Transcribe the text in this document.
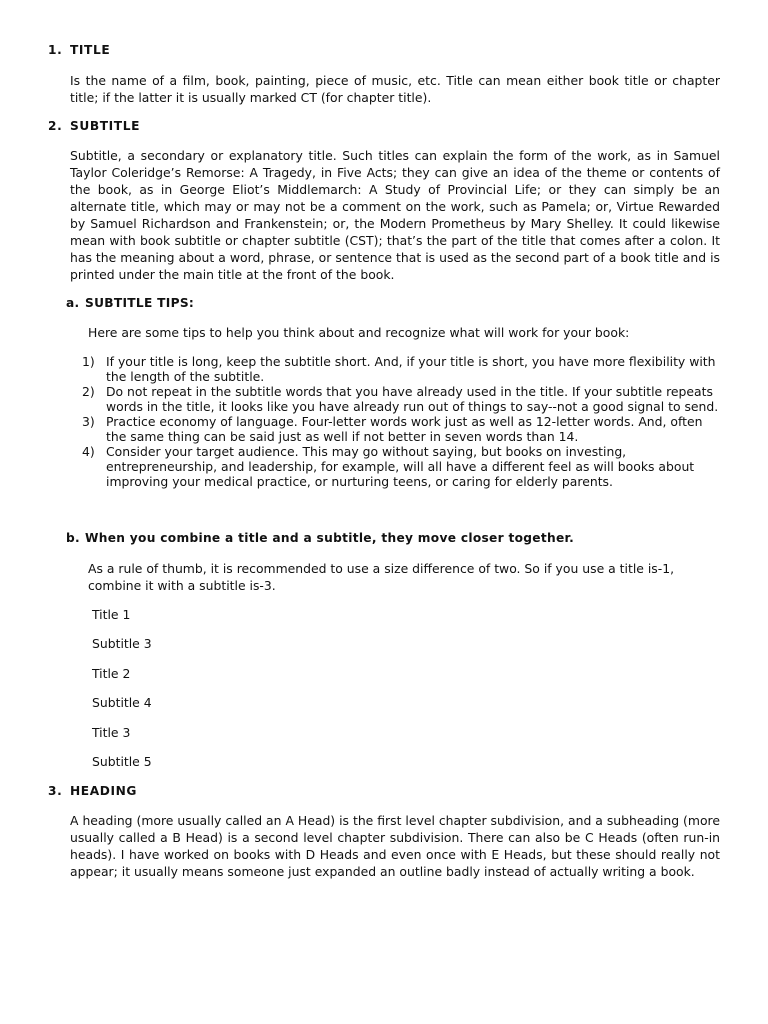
1. TITLE
Is the name of a film, book, painting, piece of music, etc. Title can mean either book title or chapter title; if the latter it is usually marked CT (for chapter title).
2. SUBTITLE
Subtitle, a secondary or explanatory title. Such titles can explain the form of the work, as in Samuel Taylor Coleridge’s Remorse: A Tragedy, in Five Acts; they can give an idea of the theme or contents of the book, as in George Eliot’s Middlemarch: A Study of Provincial Life; or they can simply be an alternate title, which may or may not be a comment on the work, such as Pamela; or, Virtue Rewarded by Samuel Richardson and Frankenstein; or, the Modern Prometheus by Mary Shelley. It could likewise mean with book subtitle or chapter subtitle (CST); that’s the part of the title that comes after a colon. It has the meaning about a word, phrase, or sentence that is used as the second part of a book title and is printed under the main title at the front of the book.
a. SUBTITLE TIPS:
Here are some tips to help you think about and recognize what will work for your book:
1) If your title is long, keep the subtitle short. And, if your title is short, you have more flexibility with the length of the subtitle.
2) Do not repeat in the subtitle words that you have already used in the title. If your subtitle repeats words in the title, it looks like you have already run out of things to say--not a good signal to send.
3) Practice economy of language. Four-letter words work just as well as 12-letter words. And, often the same thing can be said just as well if not better in seven words than 14.
4) Consider your target audience. This may go without saying, but books on investing, entrepreneurship, and leadership, for example, will all have a different feel as will books about improving your medical practice, or nurturing teens, or caring for elderly parents.
b. When you combine a title and a subtitle, they move closer together.
As a rule of thumb, it is recommended to use a size difference of two. So if you use a title is-1, combine it with a subtitle is-3.
Title 1
Subtitle 3
Title 2
Subtitle 4
Title 3
Subtitle 5
3. HEADING
A heading (more usually called an A Head) is the first level chapter subdivision, and a subheading (more usually called a B Head) is a second level chapter subdivision. There can also be C Heads (often run-in heads). I have worked on books with D Heads and even once with E Heads, but these should really not appear; it usually means someone just expanded an outline badly instead of actually writing a book.
